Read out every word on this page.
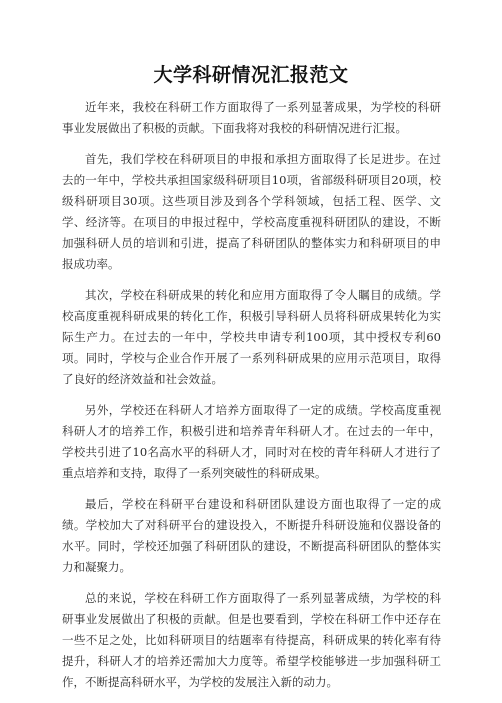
大学科研情况汇报范文

近年来，我校在科研工作方面取得了一系列显著成果，为学校的科研事业发展做出了积极的贡献。下面我将对我校的科研情况进行汇报。

首先，我们学校在科研项目的申报和承担方面取得了长足进步。在过去的一年中，学校共承担国家级科研项目10项，省部级科研项目20项，校级科研项目30项。这些项目涉及到各个学科领域，包括工程、医学、文学、经济等。在项目的申报过程中，学校高度重视科研团队的建设，不断加强科研人员的培训和引进，提高了科研团队的整体实力和科研项目的申报成功率。

其次，学校在科研成果的转化和应用方面取得了令人瞩目的成绩。学校高度重视科研成果的转化工作，积极引导科研人员将科研成果转化为实际生产力。在过去的一年中，学校共申请专利100项，其中授权专利60项。同时，学校与企业合作开展了一系列科研成果的应用示范项目，取得了良好的经济效益和社会效益。

另外，学校还在科研人才培养方面取得了一定的成绩。学校高度重视科研人才的培养工作，积极引进和培养青年科研人才。在过去的一年中，学校共引进了10名高水平的科研人才，同时对在校的青年科研人才进行了重点培养和支持，取得了一系列突破性的科研成果。

最后，学校在科研平台建设和科研团队建设方面也取得了一定的成绩。学校加大了对科研平台的建设投入，不断提升科研设施和仪器设备的水平。同时，学校还加强了科研团队的建设，不断提高科研团队的整体实力和凝聚力。

总的来说，学校在科研工作方面取得了一系列显著成绩，为学校的科研事业发展做出了积极的贡献。但是也要看到，学校在科研工作中还存在一些不足之处，比如科研项目的结题率有待提高，科研成果的转化率有待提升，科研人才的培养还需加大力度等。希望学校能够进一步加强科研工作，不断提高科研水平，为学校的发展注入新的动力。
